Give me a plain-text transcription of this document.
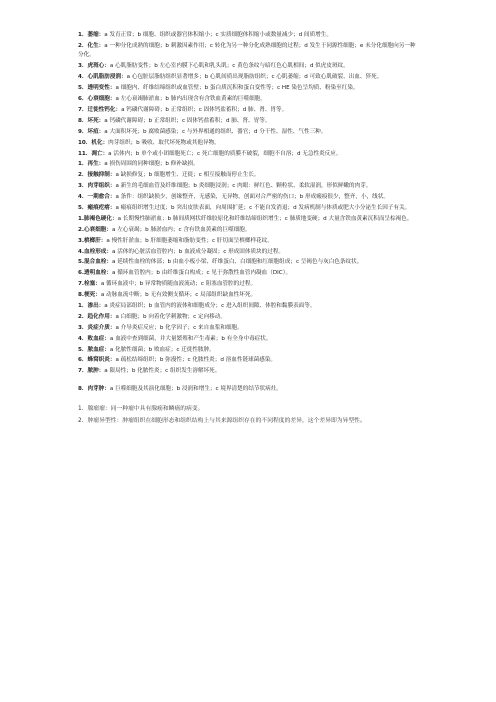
1．萎缩：a 发育正常；b 细胞、组织或器官体积缩小；c 实质细胞体积缩小或数量减少；d 间质增生。
2．化生：a 一种分化成熟的细胞；b 刺激因素作用；c 转化为另一种分化成熟细胞的过程；d 发生于同源性细胞；e 未分化细胞向另一种分化。
3．虎斑心：a 心肌脂肪变性；b 左心室内膜下心肌和乳头肌；c 黄色条纹与暗红色心肌相间；d 似虎皮斑纹。
4．心肌脂肪浸润：a 心包脏层脂肪组织显著增多；b 心肌间质出现脂肪组织；c 心肌萎缩；d 可致心肌破裂、出血、猝死。
5．透明变性：a 细胞内、纤维结缔组织或血管壁；b 蛋白质沉积和蛋白变性等；c HE 染色呈均质、粉染至红染。
6．心衰细胞：a 左心衰竭肺淤血；b 肺内出现含有含铁血黄素的巨噬细胞。
7．迁徙性钙化：a 钙磷代谢障碍；b 正常组织；c 固体钙盐蓄积；d 肺、肾、胃等。
8．坏死：a 钙磷代谢障碍；b 正常组织；c 固体钙盐蓄积；d 肺、肾、胃等。
9．坏疽：a 大面积坏死；b 腐败菌感染；c 与外界相通的组织、器官；d 分干性、湿性、气性三种。
10．机化：肉芽组织；b 吸收、取代坏死物或其他异物。
11．凋亡：a 活体内；b 单个或小团细胞死亡；c 死亡细胞的质膜不破裂，细胞不自溶；d 无急性炎反应。
1．再生：a 损伤周围的同种细胞；b 修补缺损。
2．接触抑制：a 缺损修复；b 细胞增生、迁徙；c 相互接触而停止生长。
3．肉芽组织：a 新生的毛细血管及纤维细胞；b 炎细胞浸润；c 肉眼：鲜红色、颗粒状、柔软湿润，形似鲜嫩的肉芽。
4．一期愈合：a 条件：组织缺损少，创缘整齐，无感染，无异物，创面对合严密的伤口；b 形成瘢痕很少，整齐，小，线状。
5．瘢痕疙瘩：a 瘢痕组织增生过度；b 突出皮肤表面，向周围扩延；c 不能自发消退；d 发病机制与体质或肥大小分泌生长因子有关。
1.肺褐色硬化：a 长期慢性肺淤血；b 肺间质网状纤维胶原化和纤维结缔组织增生；c 肺质地变硬；d 大量含铁血黄素沉积而呈棕褐色。
2.心衰细胞：a 左心衰竭；b 肺淤血内；c 含有铁血黄素的巨噬细胞。
3.槟榔肝：a 慢性肝淤血；b 肝细胞萎缩和脂肪变性；c 肝切面呈槟榔样花纹。
4.血栓形成：a 活体的心脏活血管腔内；b 血液成分凝固；c 形成固体质块的过程。
5.混合血栓：a 延续性血栓的体部；b 由血小板小梁、纤维蛋白、白细胞和红细胞组成；c 呈褐色与灰白色条纹状。
6.透明血栓：a 循环血管腔内；b 由纤维蛋白构成；c 见于弥散性血管内凝血（DIC）。
7.栓塞：a 循环血液中；b 异常物质随血液流动；c 阻塞血管腔的过程。
8.梗死：a 动脉血流中断；b 无有效侧支循环；c 局部组织缺血性坏死。
1．渗出：a 炎症局部组织；b 血管内的液体和细胞成分；c 进入组织间隙、体腔和黏膜表面等。
2．趋化作用：a 白细胞；b 向着化学刺激物；c 定向移动。
3．炎症介质：a 介导炎症反应；b 化学因子；c 来自血浆和细胞。
4．败血症：a 血液中查到细菌，并大量繁殖和产生毒素；b 有全身中毒症状。
5．脓血症：a 化脓性细菌；b 败血症；c 迁徙性脓肿。
6．蜂窝织炎：a 疏松结缔组织；b 弥漫性；c 化脓性炎；d 溶血性链球菌感染。
7．脓肿：a 限局性；b 化脓性炎；c 组织发生溶解坏死。
8．肉芽肿：a 巨噬细胞及其演化细胞；b 浸润和增生；c 境界清楚的结节状病灶。
1．腺瘤瘤：同一种瘤中具有腺癌和鳞癌的病变。
2．肿瘤异型性：肿瘤组织在细胞形态和组织结构上与其来源组织存在的不同程度的差异，这个差异即为异型性。
